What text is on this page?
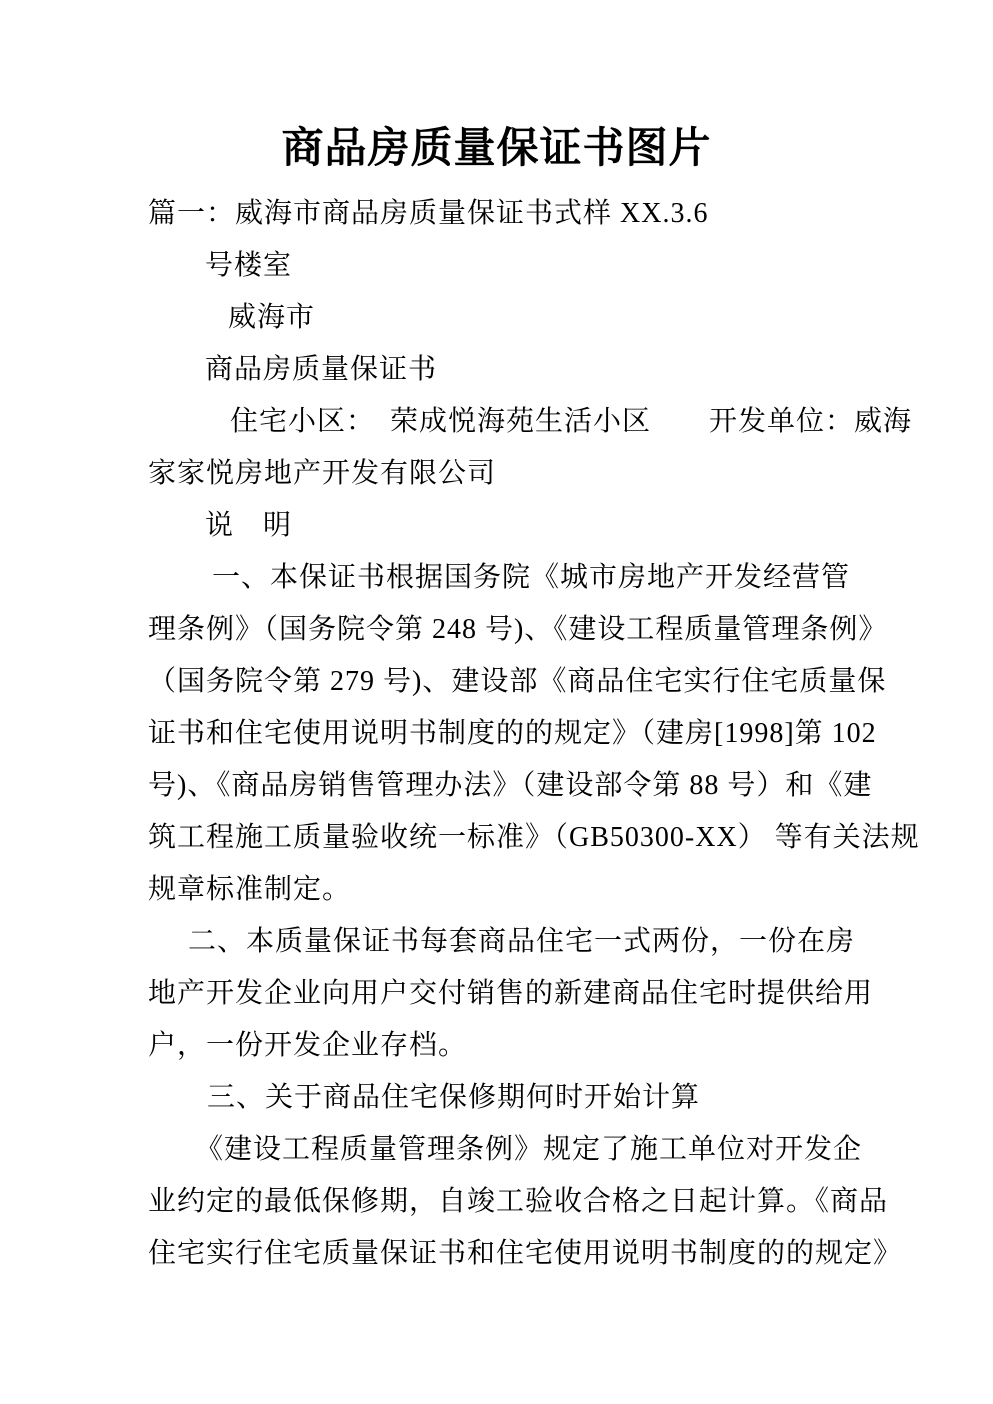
商品房质量保证书图片
篇一：威海市商品房质量保证书式样 XX.3.6
号楼室
威海市
商品房质量保证书
住宅小区：　荣成悦海苑生活小区　　开发单位：威海
家家悦房地产开发有限公司
说　明
一、本保证书根据国务院《城市房地产开发经营管
理条例》（国务院令第 248 号)、《建设工程质量管理条例》
（国务院令第 279 号)、建设部《商品住宅实行住宅质量保
证书和住宅使用说明书制度的的规定》（建房[1998]第 102
号)、《商品房销售管理办法》（建设部令第 88 号）和《建
筑工程施工质量验收统一标准》（GB50300-XX） 等有关法规
规章标准制定。
二、本质量保证书每套商品住宅一式两份，一份在房
地产开发企业向用户交付销售的新建商品住宅时提供给用
户，一份开发企业存档。
三、关于商品住宅保修期何时开始计算
《建设工程质量管理条例》规定了施工单位对开发企
业约定的最低保修期，自竣工验收合格之日起计算。《商品
住宅实行住宅质量保证书和住宅使用说明书制度的的规定》
